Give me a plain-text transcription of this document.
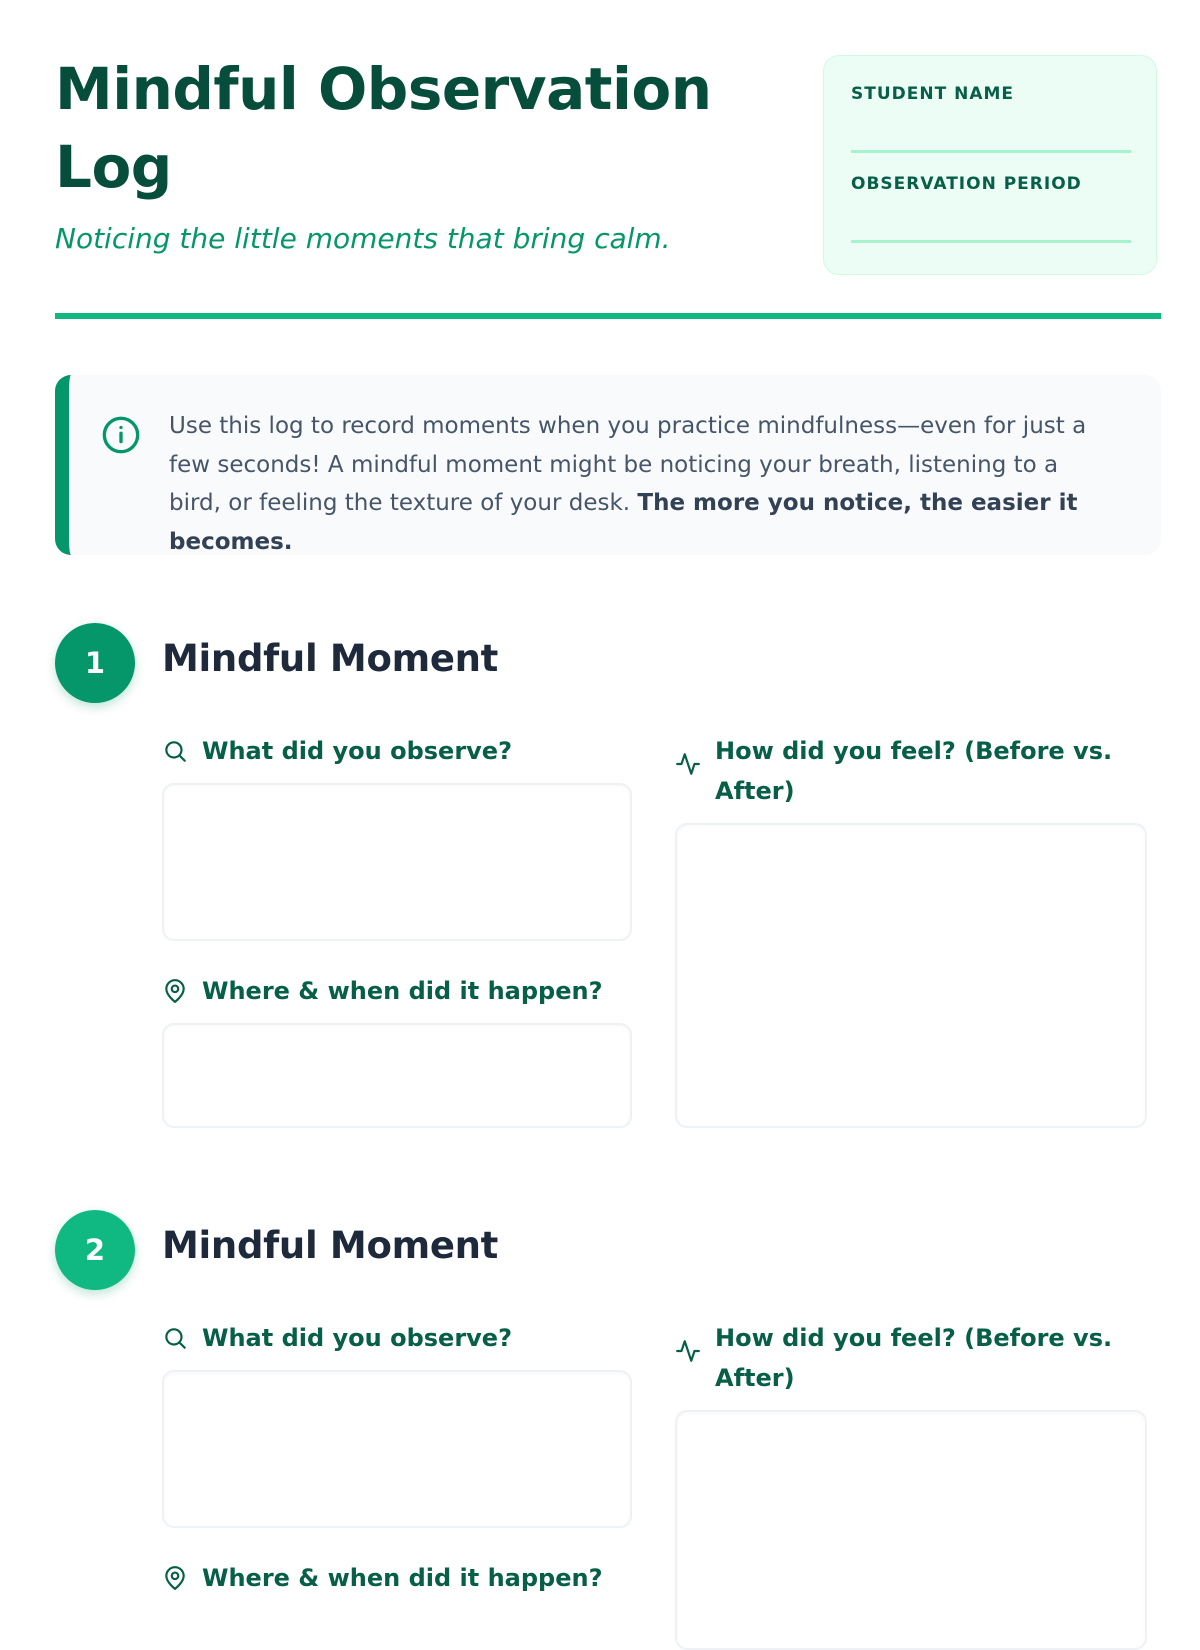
Mindful Observation Log

Noticing the little moments that bring calm.

STUDENT NAME
OBSERVATION PERIOD

Use this log to record moments when you practice mindfulness—even for just a few seconds! A mindful moment might be noticing your breath, listening to a bird, or feeling the texture of your desk. The more you notice, the easier it becomes.

1	Mindful Moment
What did you observe?
Where & when did it happen?
How did you feel? (Before vs. After)
2	Mindful Moment
What did you observe?
Where & when did it happen?
How did you feel? (Before vs. After)
